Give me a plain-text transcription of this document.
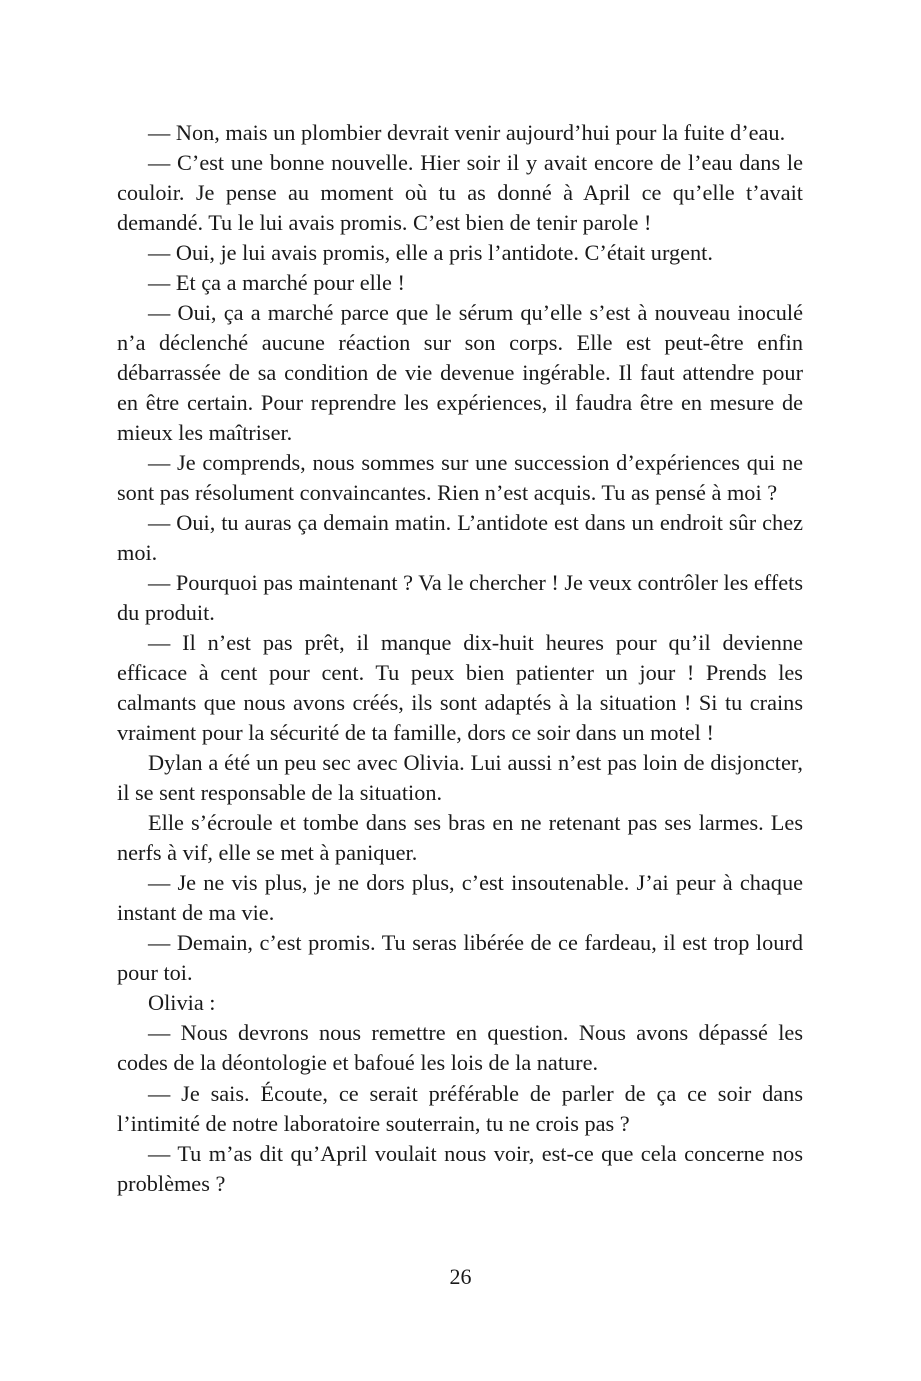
— Non, mais un plombier devrait venir aujourd’hui pour la fuite d’eau.

— C’est une bonne nouvelle. Hier soir il y avait encore de l’eau dans le couloir. Je pense au moment où tu as donné à April ce qu’elle t’avait demandé. Tu le lui avais promis. C’est bien de tenir parole !

— Oui, je lui avais promis, elle a pris l’antidote. C’était urgent.

— Et ça a marché pour elle !

— Oui, ça a marché parce que le sérum qu’elle s’est à nouveau inoculé n’a déclenché aucune réaction sur son corps. Elle est peut-être enfin débarrassée de sa condition de vie devenue ingérable. Il faut attendre pour en être certain. Pour reprendre les expériences, il faudra être en mesure de mieux les maîtriser.

— Je comprends, nous sommes sur une succession d’expériences qui ne sont pas résolument convaincantes. Rien n’est acquis. Tu as pensé à moi ?

— Oui, tu auras ça demain matin. L’antidote est dans un endroit sûr chez moi.

— Pourquoi pas maintenant ? Va le chercher ! Je veux contrôler les effets du produit.

— Il n’est pas prêt, il manque dix-huit heures pour qu’il devienne efficace à cent pour cent. Tu peux bien patienter un jour ! Prends les calmants que nous avons créés, ils sont adaptés à la situation ! Si tu crains vraiment pour la sécurité de ta famille, dors ce soir dans un motel !

Dylan a été un peu sec avec Olivia. Lui aussi n’est pas loin de disjoncter, il se sent responsable de la situation.

Elle s’écroule et tombe dans ses bras en ne retenant pas ses larmes. Les nerfs à vif, elle se met à paniquer.

— Je ne vis plus, je ne dors plus, c’est insoutenable. J’ai peur à chaque instant de ma vie.

— Demain, c’est promis. Tu seras libérée de ce fardeau, il est trop lourd pour toi.

Olivia :

— Nous devrons nous remettre en question. Nous avons dépassé les codes de la déontologie et bafoué les lois de la nature.

— Je sais. Écoute, ce serait préférable de parler de ça ce soir dans l’intimité de notre laboratoire souterrain, tu ne crois pas ?

— Tu m’as dit qu’April voulait nous voir, est-ce que cela concerne nos problèmes ?

26
